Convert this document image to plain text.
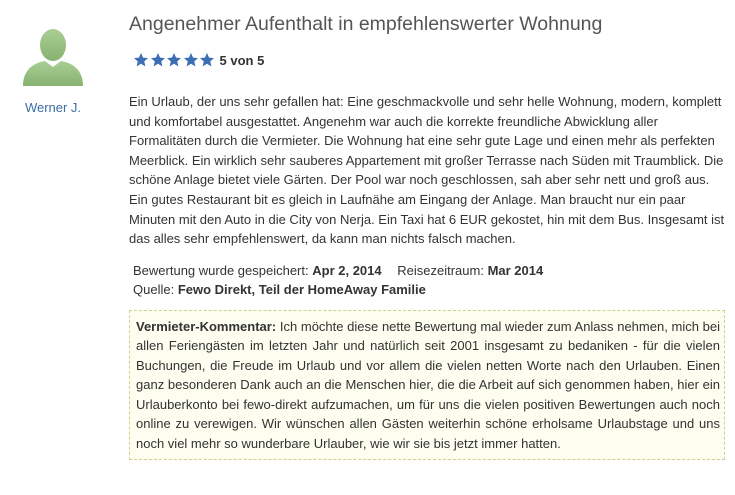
Werner J.
Angenehmer Aufenthalt in empfehlenswerter Wohnung
5 von 5

Ein Urlaub, der uns sehr gefallen hat: Eine geschmackvolle und sehr helle Wohnung, modern, komplett und komfortabel ausgestattet. Angenehm war auch die korrekte freundliche Abwicklung aller Formalitäten durch die Vermieter. Die Wohnung hat eine sehr gute Lage und einen mehr als perfekten Meerblick. Ein wirklich sehr sauberes Appartement mit großer Terrasse nach Süden mit Traumblick. Die schöne Anlage bietet viele Gärten. Der Pool war noch geschlossen, sah aber sehr nett und groß aus. Ein gutes Restaurant bit es gleich in Laufnähe am Eingang der Anlage. Man braucht nur ein paar Minuten mit den Auto in die City von Nerja. Ein Taxi hat 6 EUR gekostet, hin mit dem Bus. Insgesamt ist das alles sehr empfehlenswert, da kann man nichts falsch machen.

Bewertung wurde gespeichert: Apr 2, 2014 Reisezeitraum: Mar 2014
Quelle: Fewo Direkt, Teil der HomeAway Familie
Vermieter-Kommentar: Ich möchte diese nette Bewertung mal wieder zum Anlass nehmen, mich bei allen Feriengästen im letzten Jahr und natürlich seit 2001 insgesamt zu bedaniken - für die vielen Buchungen, die Freude im Urlaub und vor allem die vielen netten Worte nach den Urlauben. Einen ganz besonderen Dank auch an die Menschen hier, die die Arbeit auf sich genommen haben, hier ein Urlauberkonto bei fewo-direkt aufzumachen, um für uns die vielen positiven Bewertungen auch noch online zu verewigen. Wir wünschen allen Gästen weiterhin schöne erholsame Urlaubstage und uns noch viel mehr so wunderbare Urlauber, wie wir sie bis jetzt immer hatten.
